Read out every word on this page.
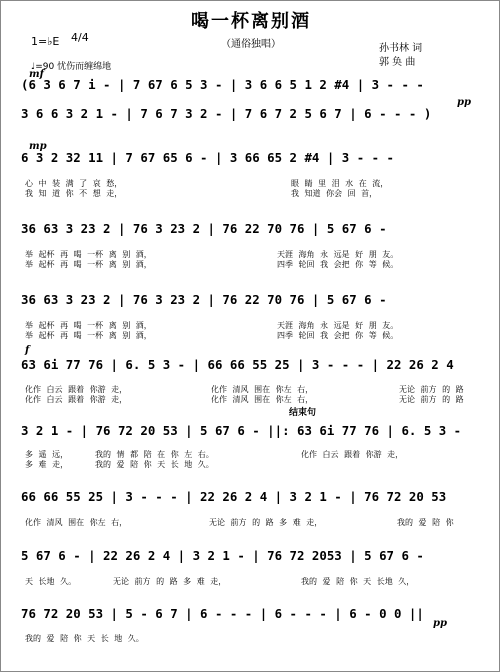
喝一杯离别酒
（通俗独唱）	孙书林 词
郭 奂 曲
1=♭E 4/4
♩=90 忧伤而缠绵地
mf
pp
mp
f
pp
结束句
(6 3 6 7 i - | 7 67 6 5 3 - | 3 6 6 5 1 2 #4 | 3 - - -
3 6 6 3 2 1 - | 7 6 7 3 2 - | 7 6 7 2 5 6 7 | 6 - - - )
6 3 2 32 11 | 7 67 65 6 - | 3 66 65 2 #4 | 3 - - -
心 中 装 满 了 哀 愁，	眼 睛 里 泪 水 在 流，
我 知 道 你 不 想 走，	我 知道 你会 回 首，
36 63 3 23 2 | 76 3 23 2 | 76 22 70 76 | 5 67 6 -
举 起杯 再 喝 一杯 离 别 酒，	天涯 海角 永 远是 好 朋 友。
举 起杯 再 喝 一杯 离 别 酒，	四季 轮回 我 会把 你 等 候。
36 63 3 23 2 | 76 3 23 2 | 76 22 70 76 | 5 67 6 -
举 起杯 再 喝 一杯 离 别 酒，	天涯 海角 永 远是 好 朋 友。
举 起杯 再 喝 一杯 离 别 酒，	四季 轮回 我 会把 你 等 候。
63 6i 77 76 | 6. 5 3 - | 66 66 55 25 | 3 - - - | 22 26 2 4
化作 白云 跟着 你游 走，	化作 清风 围在 你左 右，	无论 前方 的 路
化作 白云 跟着 你游 走，	化作 清风 围在 你左 右，	无论 前方 的 路
3 2 1 - | 76 72 20 53 | 5 67 6 - ||: 63 6i 77 76 | 6. 5 3 -
多 遥 远，	我的 情 都 陪 在 你 左 右。	化作 白云 跟着 你游 走，
多 难 走，	我的 爱 陪 你 天 长 地 久。
66 66 55 25 | 3 - - - | 22 26 2 4 | 3 2 1 - | 76 72 20 53
化作 清风 围在 你左 右，	无论 前方 的 路 多 难 走，	我的 爱 陪 你
5 67 6 - | 22 26 2 4 | 3 2 1 - | 76 72 2053 | 5 67 6 -
天 长地 久。	无论 前方 的 路 多 难 走，	我的 爱 陪 你 天 长地 久，
76 72 20 53 | 5 - 6 7 | 6 - - - | 6 - - - | 6 - 0 0 ||
我的 爱 陪 你 天 长 地 久。
